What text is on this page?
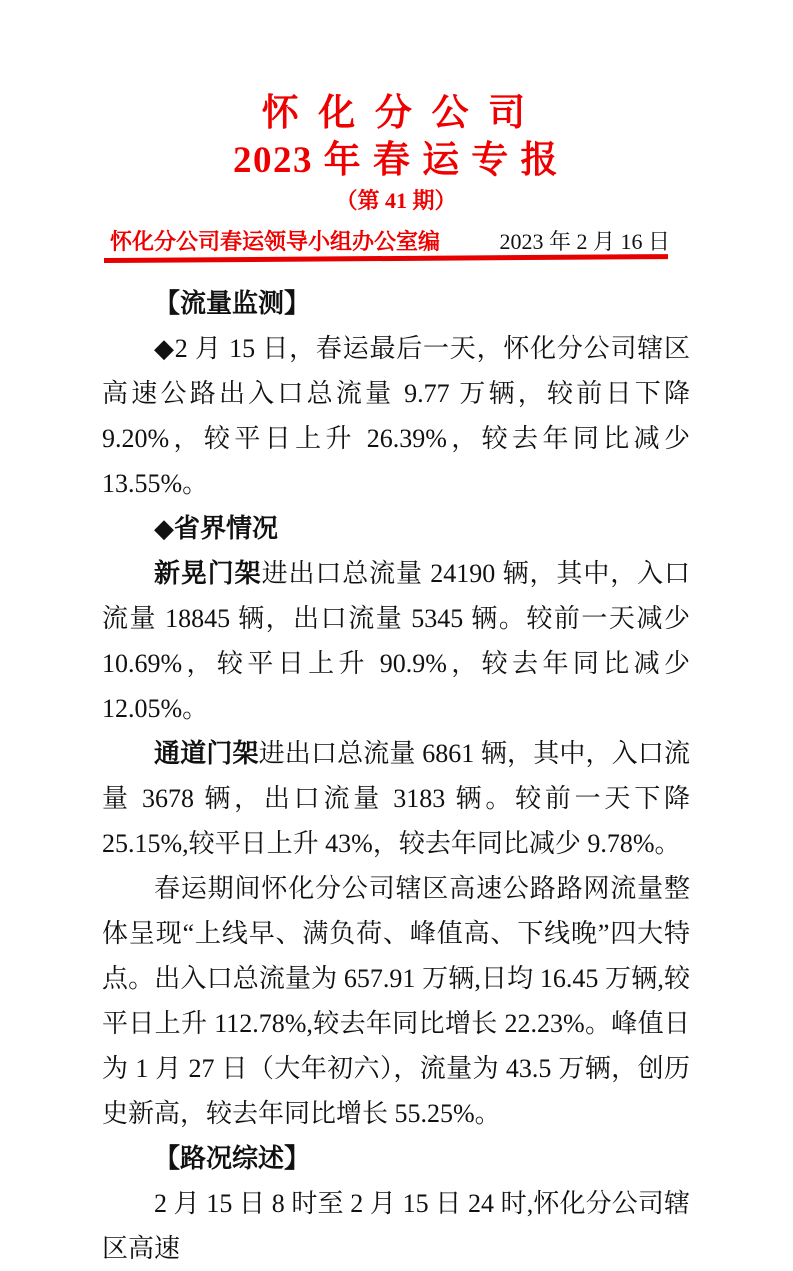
怀 化 分 公 司
2023 年 春 运 专 报
（第 41 期）
怀化分公司春运领导小组办公室编	2023 年 2 月 16 日

【流量监测】

◆2 月 15 日，春运最后一天，怀化分公司辖区高速公路出入口总流量 9.77 万辆，较前日下降 9.20%，较平日上升 26.39%，较去年同比减少 13.55%。

◆省界情况

新晃门架进出口总流量 24190 辆，其中，入口流量 18845 辆，出口流量 5345 辆。较前一天减少 10.69%，较平日上升 90.9%，较去年同比减少 12.05%。

通道门架进出口总流量 6861 辆，其中，入口流量 3678 辆，出口流量 3183 辆。较前一天下降 25.15%,较平日上升 43%，较去年同比减少 9.78%。

春运期间怀化分公司辖区高速公路路网流量整体呈现“上线早、满负荷、峰值高、下线晚”四大特点。出入口总流量为 657.91 万辆,日均 16.45 万辆,较平日上升 112.78%,较去年同比增长 22.23%。峰值日为 1 月 27 日（大年初六），流量为 43.5 万辆，创历史新高，较去年同比增长 55.25%。

【路况综述】

2 月 15 日 8 时至 2 月 15 日 24 时,怀化分公司辖区高速
